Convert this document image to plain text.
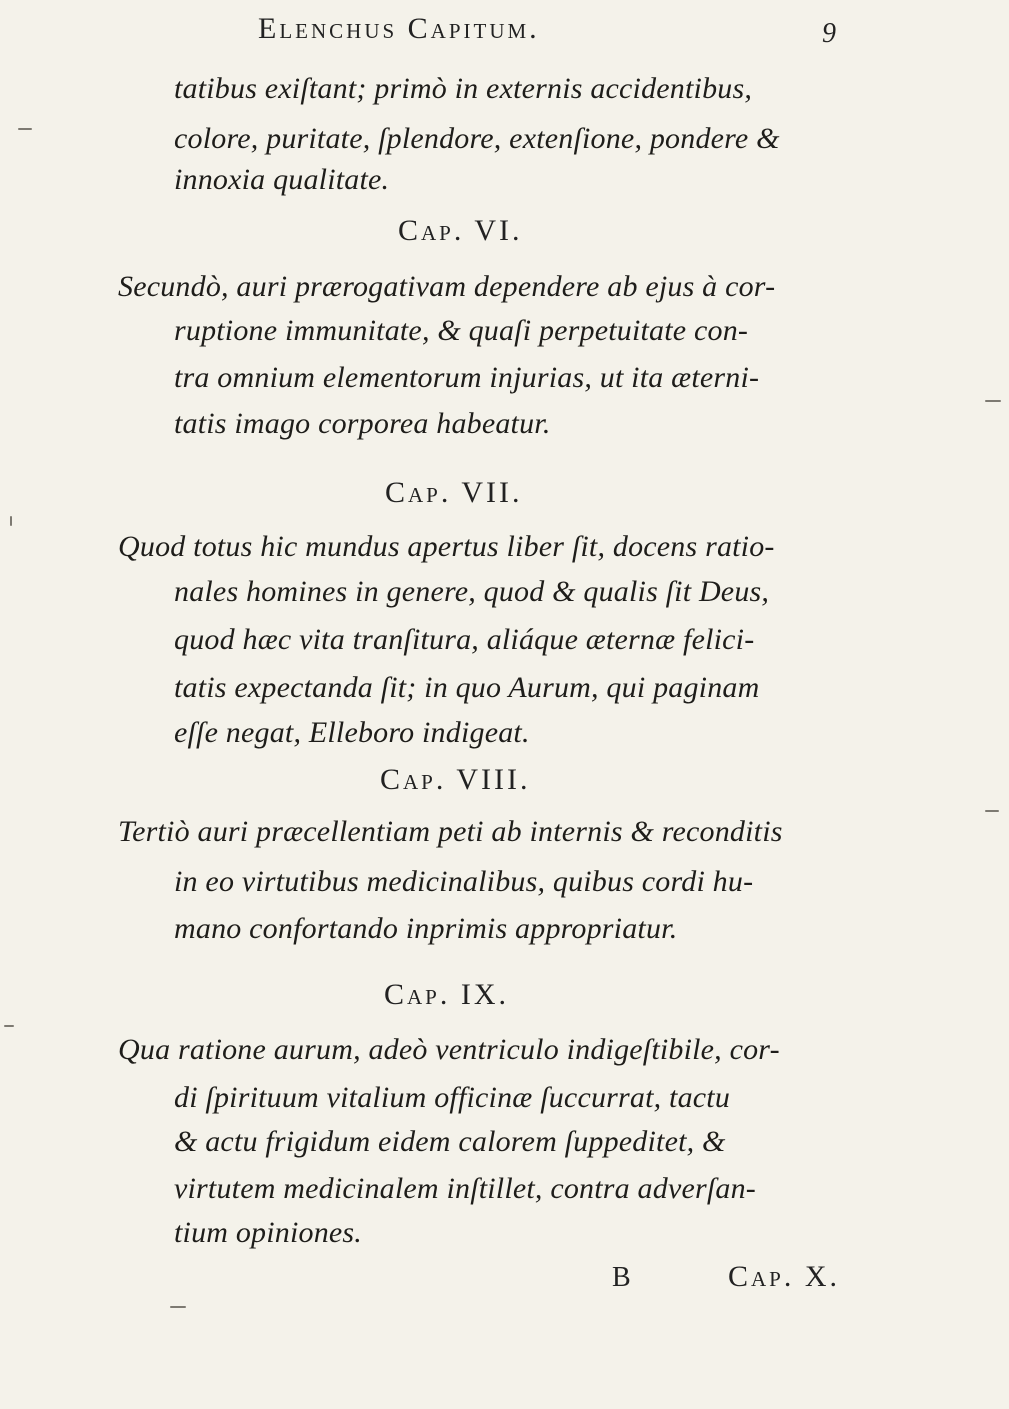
Elenchus Capitum.	9
tatibus exiſtant; primò in externis accidentibus,
colore, puritate, ſplendore, extenſione, pondere &
innoxia qualitate.
Cap. VI.
Secundò, auri prærogativam dependere ab ejus à cor-
ruptione immunitate, & quaſi perpetuitate con-
tra omnium elementorum injurias, ut ita æterni-
tatis imago corporea habeatur.
Cap. VII.
Quod totus hic mundus apertus liber ſit, docens ratio-
nales homines in genere, quod & qualis ſit Deus,
quod hæc vita tranſitura, aliáque æternæ felici-
tatis expectanda ſit; in quo Aurum, qui paginam
eſſe negat, Elleboro indigeat.
Cap. VIII.
Tertiò auri præcellentiam peti ab internis & reconditis
in eo virtutibus medicinalibus, quibus cordi hu-
mano confortando inprimis appropriatur.
Cap. IX.
Qua ratione aurum, adeò ventriculo indigeſtibile, cor-
di ſpirituum vitalium officinæ ſuccurrat, tactu
& actu frigidum eidem calorem ſuppeditet, &
virtutem medicinalem inſtillet, contra adverſan-
tium opiniones.
B	Cap. X.
